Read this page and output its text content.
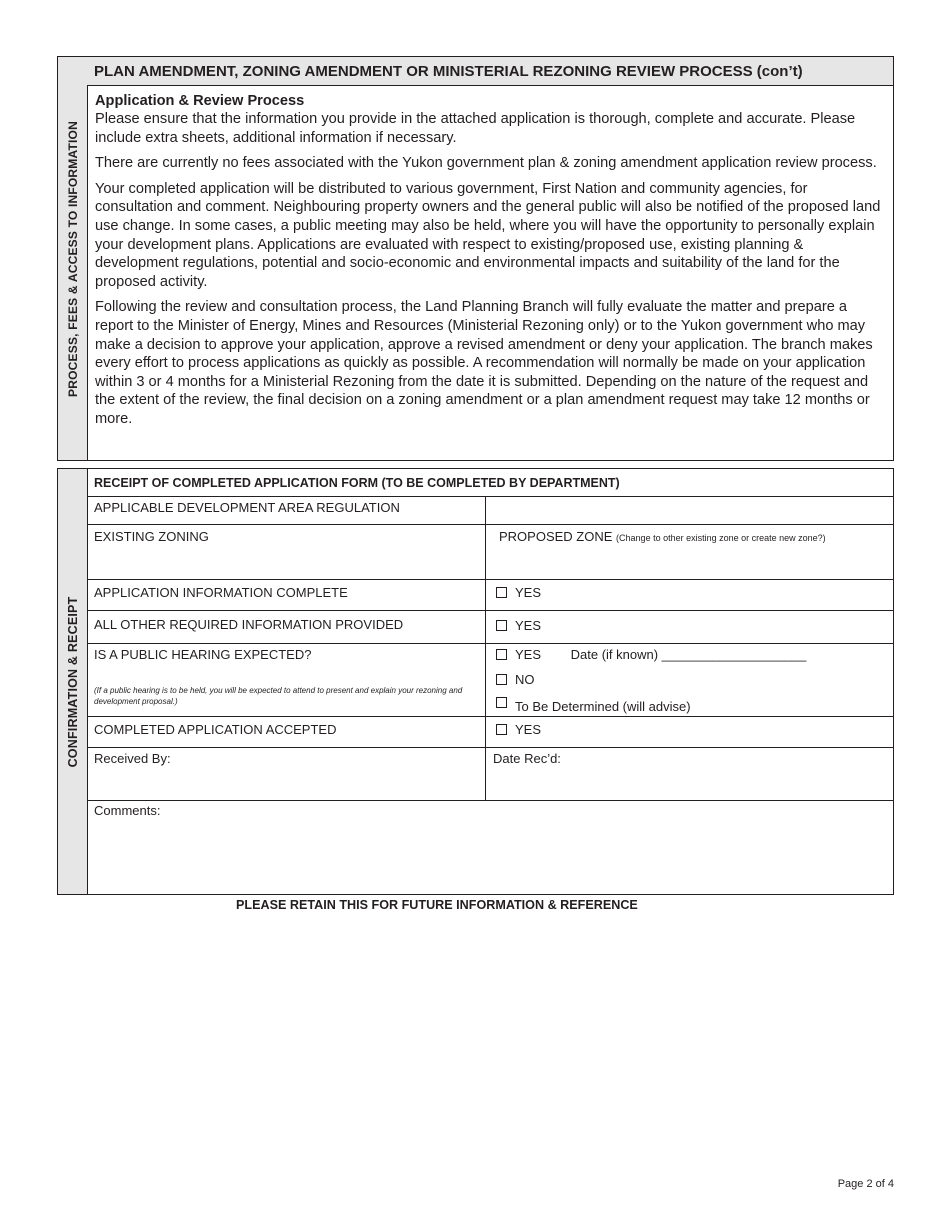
PROCESS, FEES & ACCESS TO INFORMATION
PLAN AMENDMENT, ZONING AMENDMENT OR MINISTERIAL REZONING REVIEW PROCESS (con’t)
Application & Review Process

Please ensure that the information you provide in the attached application is thorough, complete and accurate. Please include extra sheets, additional information if necessary.

There are currently no fees associated with the Yukon government plan & zoning amendment application review process.

Your completed application will be distributed to various government, First Nation and community agencies, for consultation and comment. Neighbouring property owners and the general public will also be notified of the proposed land use change. In some cases, a public meeting may also be held, where you will have the opportunity to personally explain your development plans. Applications are evaluated with respect to existing/proposed use, existing planning & development regulations, potential and socio-economic and environmental impacts and suitability of the land for the proposed activity.

Following the review and consultation process, the Land Planning Branch will fully evaluate the matter and prepare a report to the Minister of Energy, Mines and Resources (Ministerial Rezoning only) or to the Yukon government who may make a decision to approve your application, approve a revised amendment or deny your application. The branch makes every effort to process applications as quickly as possible. A recommendation will normally be made on your application within 3 or 4 months for a Ministerial Rezoning from the date it is submitted. Depending on the nature of the request and the extent of the review, the final decision on a zoning amendment or a plan amendment request may take 12 months or more.

CONFIRMATION & RECEIPT
RECEIPT OF COMPLETED APPLICATION FORM (TO BE COMPLETED BY DEPARTMENT)
APPLICABLE DEVELOPMENT AREA REGULATION
EXISTING ZONING	PROPOSED ZONE (Change to other existing zone or create new zone?)
APPLICATION INFORMATION COMPLETE	YES
ALL OTHER REQUIRED INFORMATION PROVIDED	YES
IS A PUBLIC HEARING EXPECTED?
(If a public hearing is to be held, you will be expected to attend to present and explain your rezoning and development proposal.)
YES Date (if known) ____________________
NO
To Be Determined (will advise)
COMPLETED APPLICATION ACCEPTED	YES
Received By:	Date Rec’d:
Comments:
PLEASE RETAIN THIS FOR FUTURE INFORMATION & REFERENCE
Page 2 of 4
